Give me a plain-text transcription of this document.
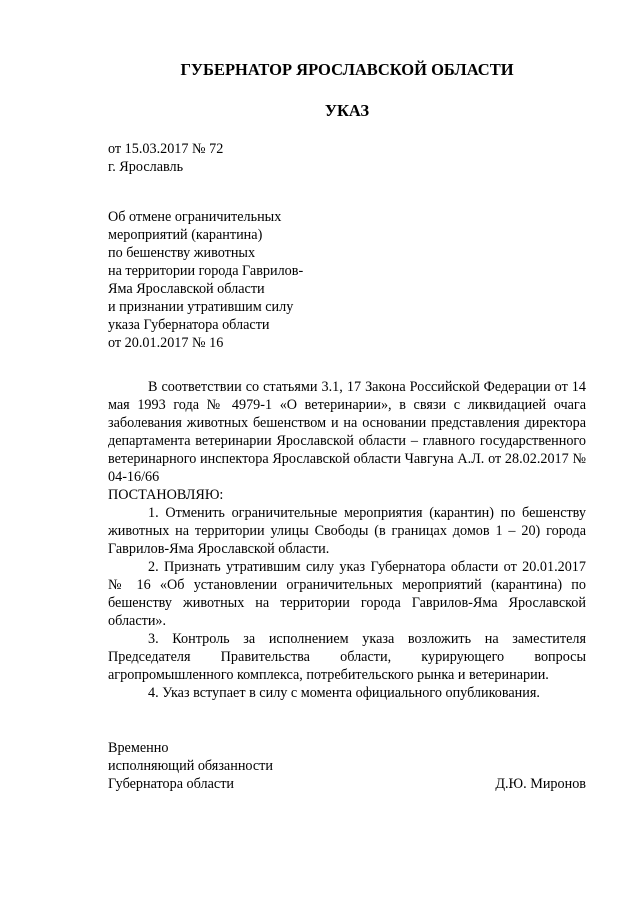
ГУБЕРНАТОР ЯРОСЛАВСКОЙ ОБЛАСТИ
УКАЗ
от 15.03.2017 № 72
г. Ярославль
Об отмене ограничительных
мероприятий (карантина)
по бешенству животных
на территории города Гаврилов-
Яма Ярославской области
и признании утратившим силу
указа Губернатора области
от 20.01.2017 № 16

В соответствии со статьями 3.1, 17 Закона Российской Федерации от 14 мая 1993 года № 4979-1 «О ветеринарии», в связи с ликвидацией очага заболевания животных бешенством и на основании представления директора департамента ветеринарии Ярославской области – главного государственного ветеринарного инспектора Ярославской области Чавгуна А.Л. от 28.02.2017 № 04-16/66

ПОСТАНОВЛЯЮ:

1. Отменить ограничительные мероприятия (карантин) по бешенству животных на территории улицы Свободы (в границах домов 1 – 20) города Гаврилов-Яма Ярославской области.

2. Признать утратившим силу указ Губернатора области от 20.01.2017 № 16 «Об установлении ограничительных мероприятий (карантина) по бешенству животных на территории города Гаврилов-Яма Ярославской области».

3. Контроль за исполнением указа возложить на заместителя Председателя Правительства области, курирующего вопросы агропромышленного комплекса, потребительского рынка и ветеринарии.

4. Указ вступает в силу с момента официального опубликования.

Временно
исполняющий обязанности
Губернатора области	Д.Ю. Миронов
